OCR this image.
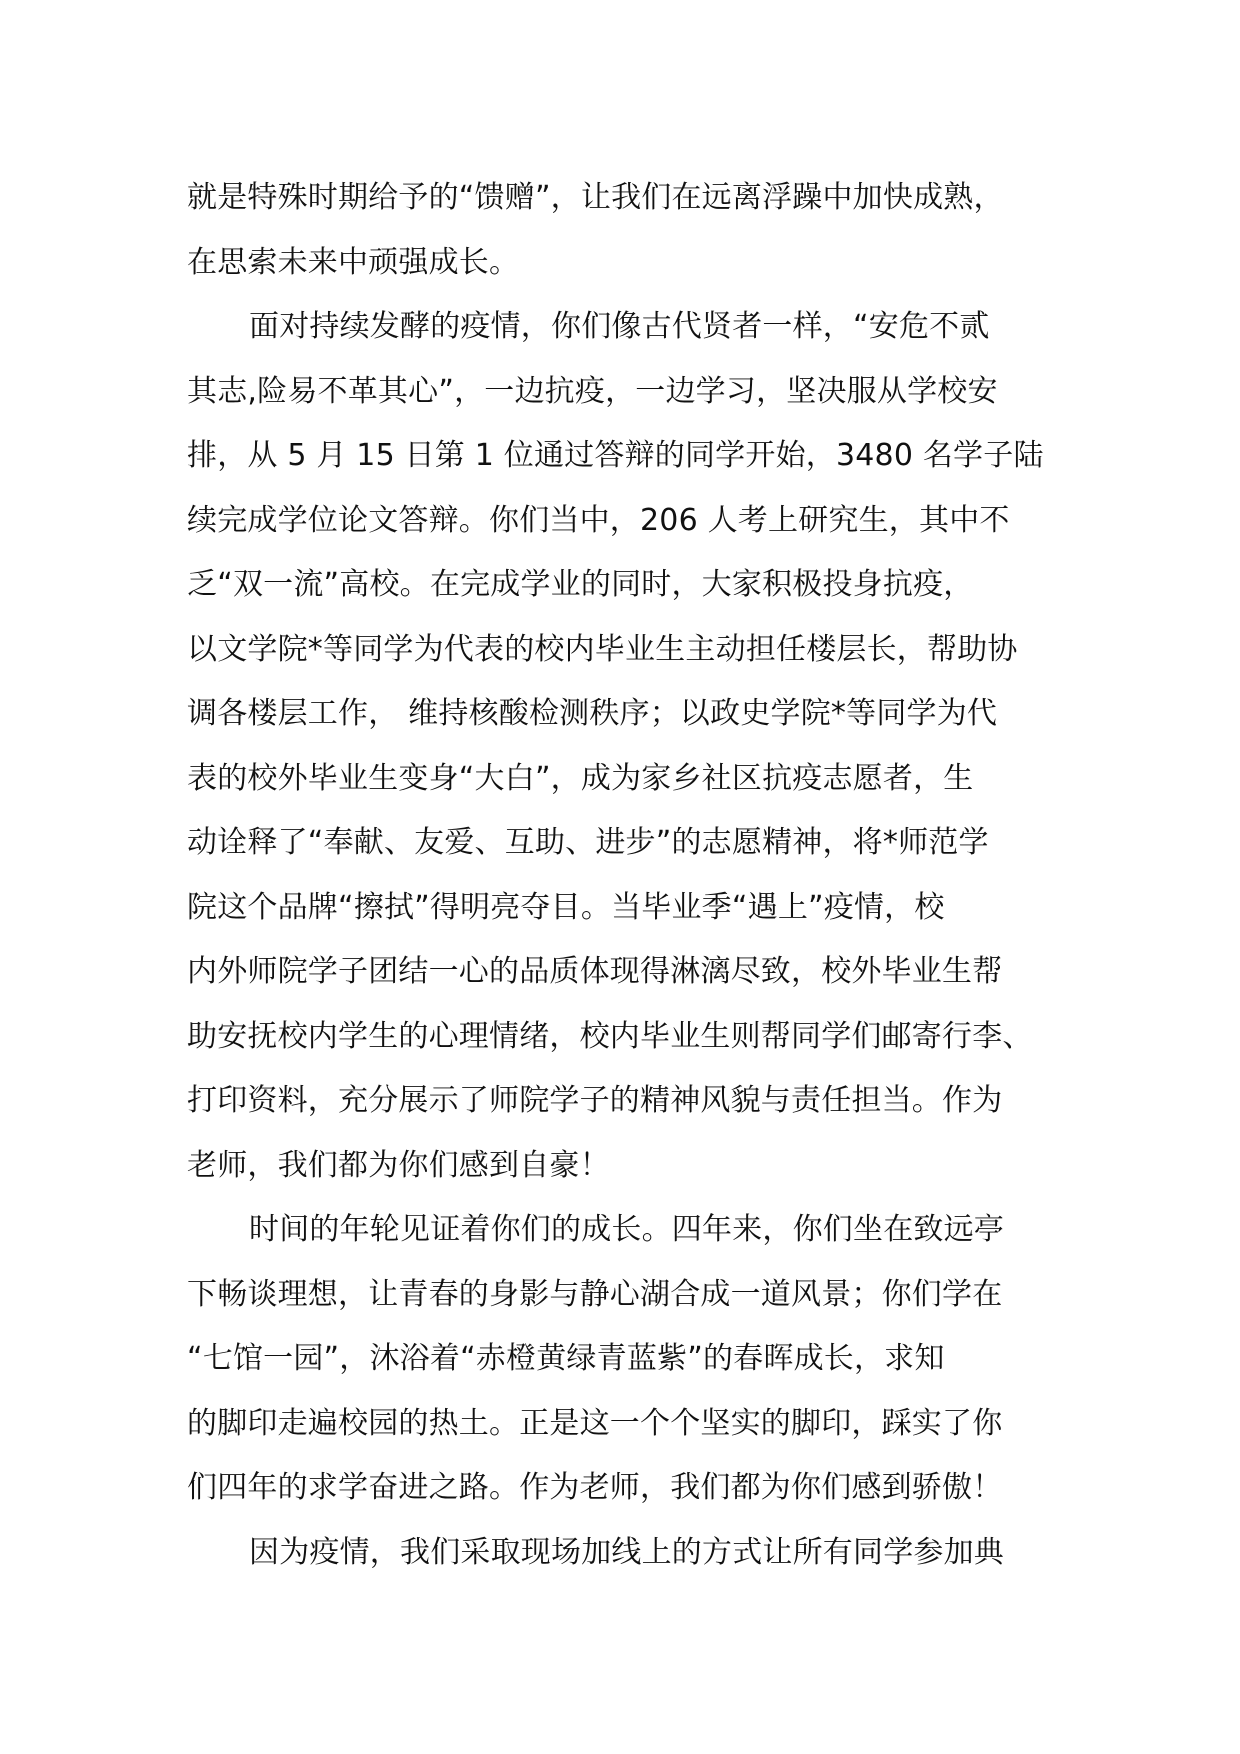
就是特殊时期给予的“馈赠”，让我们在远离浮躁中加快成熟，
在思索未来中顽强成长。
面对持续发酵的疫情，你们像古代贤者一样，“安危不贰
其志,险易不革其心”，一边抗疫，一边学习，坚决服从学校安
排，从 5 月 15 日第 1 位通过答辩的同学开始，3480 名学子陆
续完成学位论文答辩。你们当中，206 人考上研究生，其中不
乏“双一流”高校。在完成学业的同时，大家积极投身抗疫，
以文学院*等同学为代表的校内毕业生主动担任楼层长，帮助协
调各楼层工作， 维持核酸检测秩序；以政史学院*等同学为代
表的校外毕业生变身“大白”，成为家乡社区抗疫志愿者，生
动诠释了“奉献、友爱、互助、进步”的志愿精神，将*师范学
院这个品牌“擦拭”得明亮夺目。当毕业季“遇上”疫情，校
内外师院学子团结一心的品质体现得淋漓尽致，校外毕业生帮
助安抚校内学生的心理情绪，校内毕业生则帮同学们邮寄行李、
打印资料，充分展示了师院学子的精神风貌与责任担当。作为
老师，我们都为你们感到自豪！
时间的年轮见证着你们的成长。四年来，你们坐在致远亭
下畅谈理想，让青春的身影与静心湖合成一道风景；你们学在
“七馆一园”，沐浴着“赤橙黄绿青蓝紫”的春晖成长，求知
的脚印走遍校园的热土。正是这一个个坚实的脚印，踩实了你
们四年的求学奋进之路。作为老师，我们都为你们感到骄傲！
因为疫情，我们采取现场加线上的方式让所有同学参加典
